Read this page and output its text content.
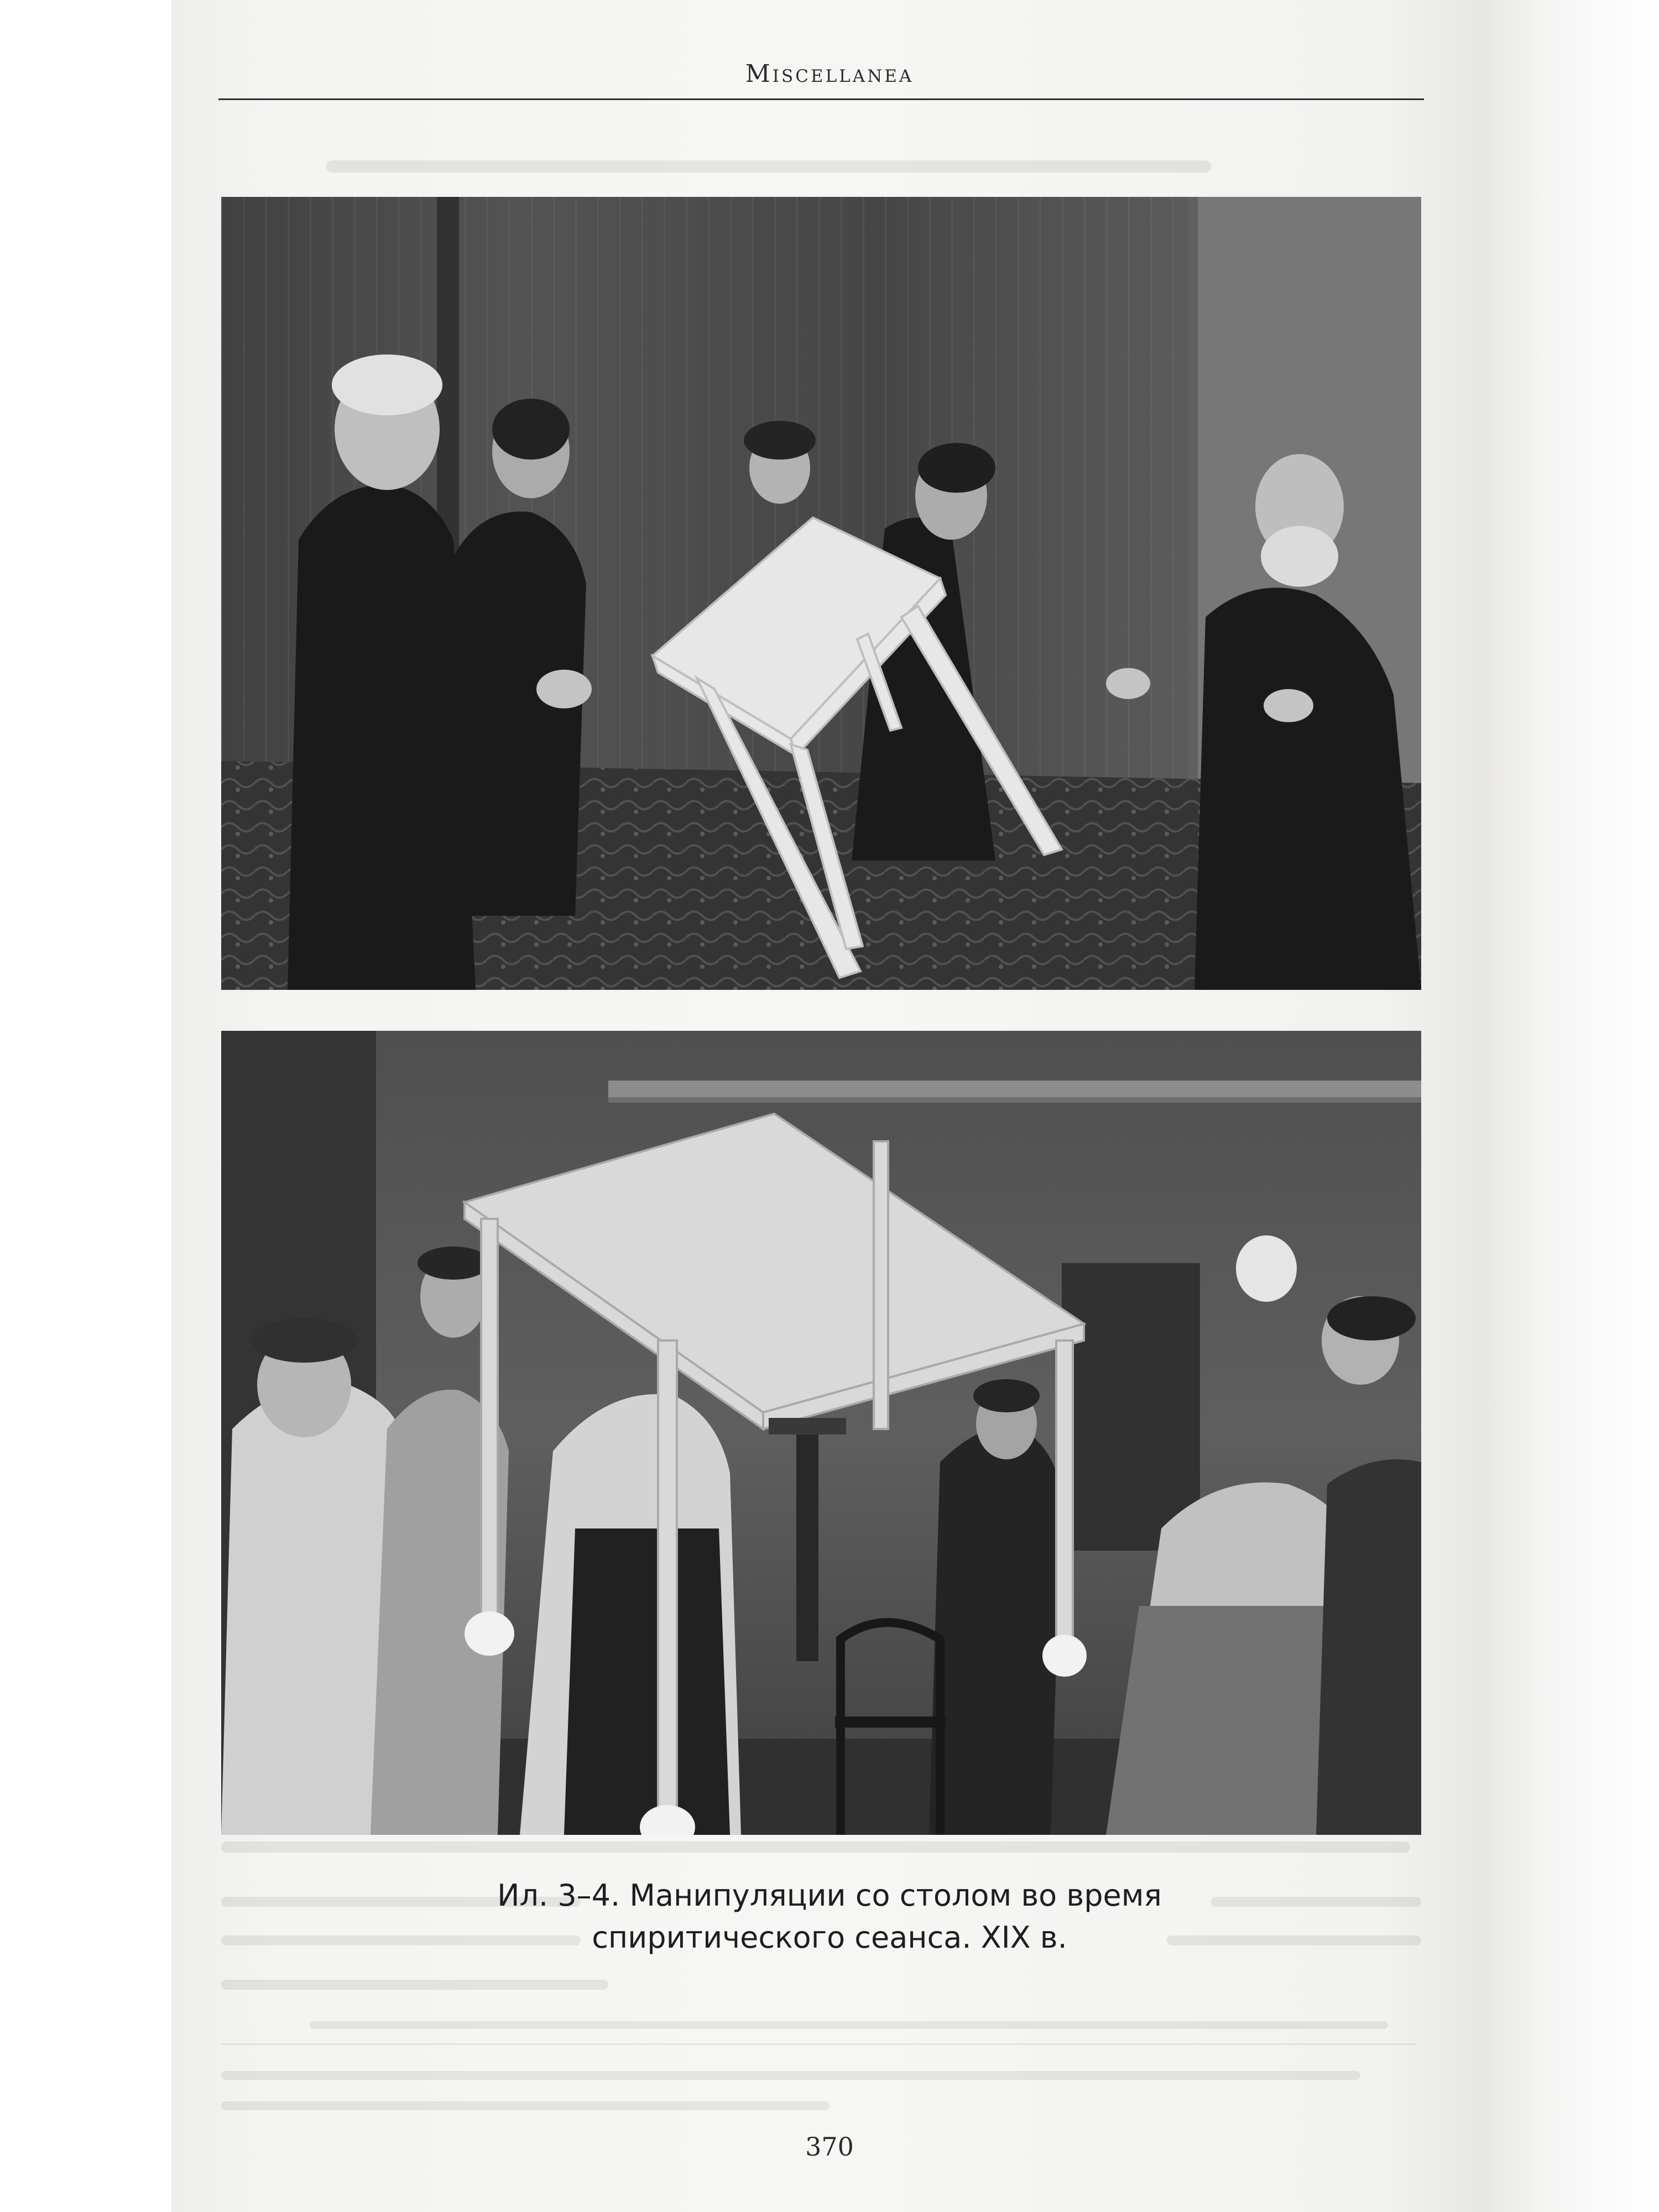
Miscellanea
Ил. 3–4. Манипуляции со столом во время
спиритического сеанса. XIX в.
370
